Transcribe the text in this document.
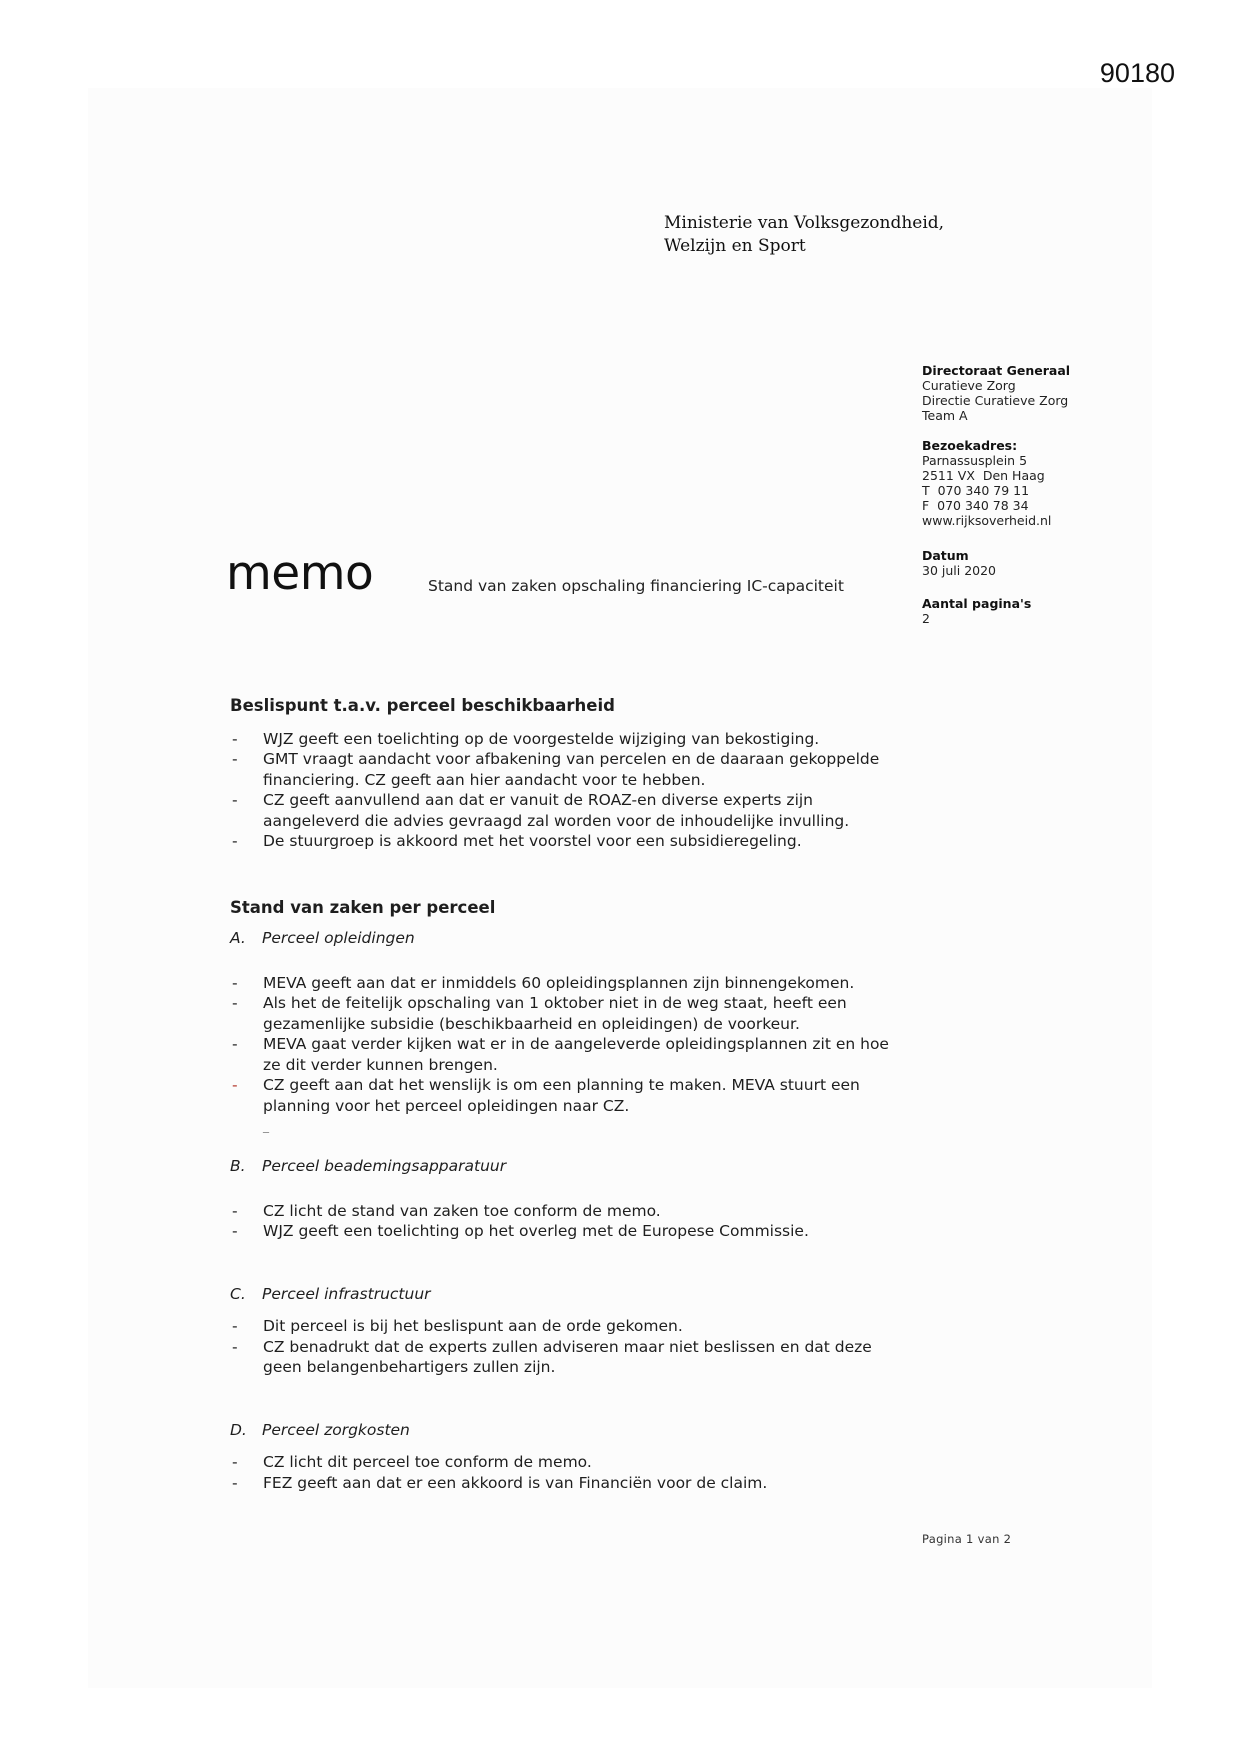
90180
Ministerie van Volksgezondheid,
Welzijn en Sport
Directoraat Generaal
Curatieve Zorg
Directie Curatieve Zorg
Team A
Bezoekadres:
Parnassusplein 5
2511 VX  Den Haag
T  070 340 79 11
F  070 340 78 34
www.rijksoverheid.nl
Datum
30 juli 2020
Aantal pagina's
2
memo	Stand van zaken opschaling financiering IC-capaciteit
Beslispunt t.a.v. perceel beschikbaarheid
- WJZ geeft een toelichting op de voorgestelde wijziging van bekostiging.
- GMT vraagt aandacht voor afbakening van percelen en de daaraan gekoppelde financiering. CZ geeft aan hier aandacht voor te hebben.
- CZ geeft aanvullend aan dat er vanuit de ROAZ-en diverse experts zijn aangeleverd die advies gevraagd zal worden voor de inhoudelijke invulling.
- De stuurgroep is akkoord met het voorstel voor een subsidieregeling.
Stand van zaken per perceel
A. Perceel opleidingen
- MEVA geeft aan dat er inmiddels 60 opleidingsplannen zijn binnengekomen.
- Als het de feitelijk opschaling van 1 oktober niet in de weg staat, heeft een gezamenlijke subsidie (beschikbaarheid en opleidingen) de voorkeur.
- MEVA gaat verder kijken wat er in de aangeleverde opleidingsplannen zit en hoe ze dit verder kunnen brengen.
- CZ geeft aan dat het wenslijk is om een planning te maken. MEVA stuurt een planning voor het perceel opleidingen naar CZ.
_
B. Perceel beademingsapparatuur
- CZ licht de stand van zaken toe conform de memo.
- WJZ geeft een toelichting op het overleg met de Europese Commissie.
C. Perceel infrastructuur
- Dit perceel is bij het beslispunt aan de orde gekomen.
- CZ benadrukt dat de experts zullen adviseren maar niet beslissen en dat deze geen belangenbehartigers zullen zijn.
D. Perceel zorgkosten
- CZ licht dit perceel toe conform de memo.
- FEZ geeft aan dat er een akkoord is van Financiën voor de claim.
Pagina 1 van 2
